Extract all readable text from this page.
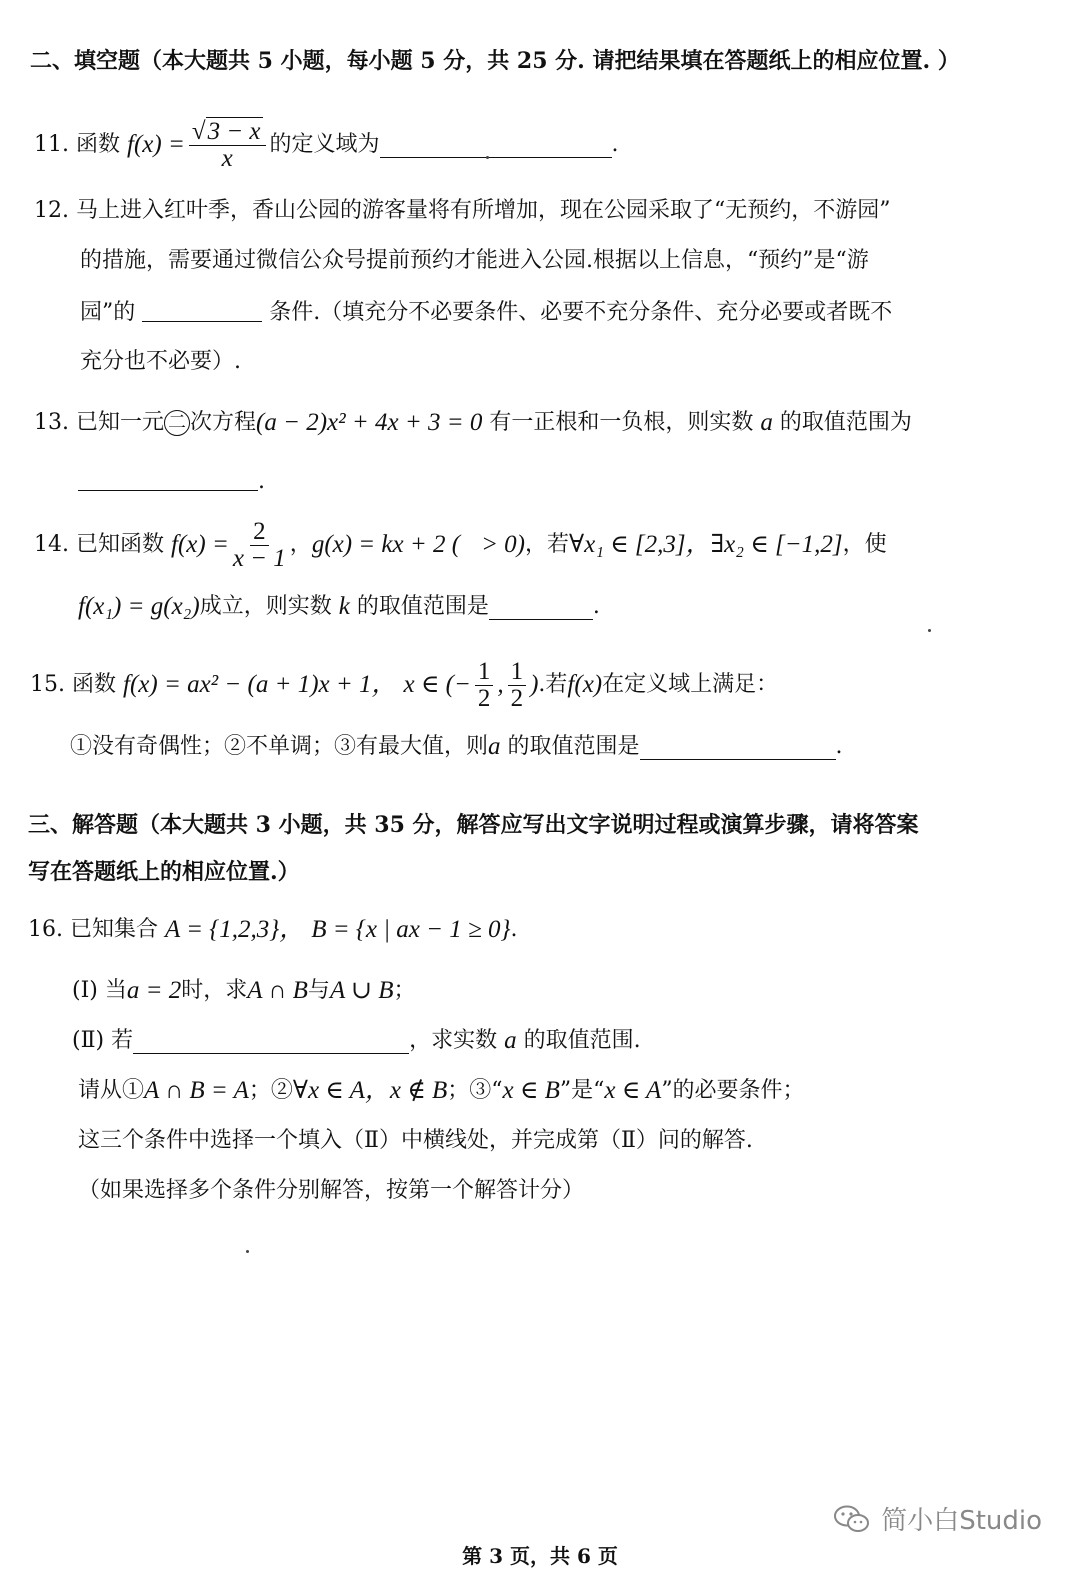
二、填空题（本大题共 5 小题，每小题 5 分，共 25 分. 请把结果填在答题纸上的相应位置. ）
11.
函数
$f(x) = \frac{√3 - x}{x}$ 的定义域为	.
12. 马上进入红叶季，香山公园的游客量将有所增加，现在公园采取了“无预约，不游园”
的措施，需要通过微信公众号提前预约才能进入公园.根据以上信息，“预约”是“游
园”的	条件.（填充分不必要条件、必要不充分条件、充分必要或者既不
充分也不必要）.
13.
已知一元 二 次方程 (a − 2)x² + 4x + 3 = 0
有一正根和一负根，则实数
a
的取值范围为
.
14.
已知函数
$f(x) = \frac{2}{x - 1}$ ， g(x) = kx + 2 (
> 0) ，若 ∀x₁ ∈ [2,3] ，∃x₂ ∈ [−1,2] ，使
f(x₁) = g(x₂) 成立，则实数
k
的取值范围是	.
15.
函数
f(x) = ax² − (a + 1)x + 1，
x ∈ (− $\frac{1}{2}$ , $\frac{1}{2}$ ) .若 f(x) 在定义域上满足：
①没有奇偶性；②不单调；③有最大值，则 a
的取值范围是	.
三、解答题（本大题共 3 小题，共 35 分，解答应写出文字说明过程或演算步骤，请将答案
写在答题纸上的相应位置.）
16.
已知集合
A = {1,2,3}，
B = {x | ax − 1 ≥ 0} .
(Ⅰ)
当 a = 2 时，求 A ∩ B 与 A ∪ B ；
(Ⅱ)
若	，求实数
a
的取值范围.
请从① A ∩ B = A ；② ∀x ∈ A，x ∉ B ；③“ x ∈ B ”是“ x ∈ A ”的必要条件；
这三个条件中选择一个填入（Ⅱ）中横线处，并完成第（Ⅱ）问的解答.
（如果选择多个条件分别解答，按第一个解答计分）
简小白Studio
第 3 页，共 6 页
